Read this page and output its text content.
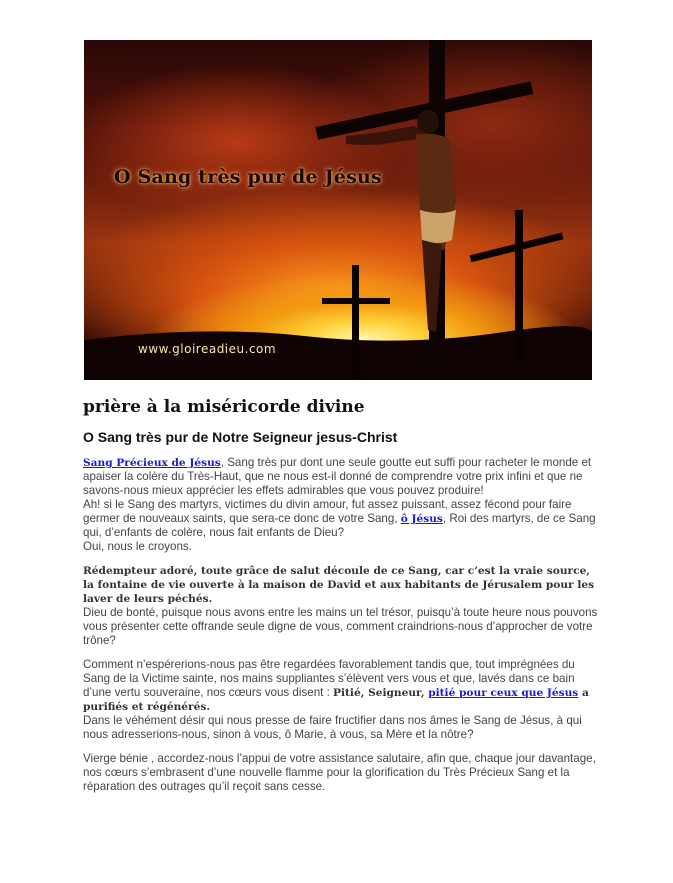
O Sang très pur de Jésus
www.gloireadieu.com
prière à la miséricorde divine
O Sang très pur de Notre Seigneur jesus-Christ

Sang Précieux de Jésus, Sang très pur dont une seule goutte eut suffi pour racheter le monde et apaiser la colère du Très-Haut, que ne nous est-il donné de comprendre votre prix infini et que ne savons-nous mieux apprécier les effets admirables que vous pouvez produire!

Ah! si le Sang des martyrs, victimes du divin amour, fut assez puissant, assez fécond pour faire germer de nouveaux saints, que sera-ce donc de votre Sang, ô Jésus, Roi des martyrs, de ce Sang qui, d’enfants de colère, nous fait enfants de Dieu?

Oui, nous le croyons.

Rédempteur adoré, toute grâce de salut découle de ce Sang, car c’est la vraie source, la fontaine de vie ouverte à la maison de David et aux habitants de Jérusalem pour les laver de leurs péchés.

Dieu de bonté, puisque nous avons entre les mains un tel trésor, puisqu’à toute heure nous pouvons vous présenter cette offrande seule digne de vous, comment craindrions-nous d’approcher de votre trône?

Comment n’espérerions-nous pas être regardées favorablement tandis que, tout imprégnées du Sang de la Victime sainte, nos mains suppliantes s’élèvent vers vous et que, lavés dans ce bain d’une vertu souveraine, nos cœurs vous disent : Pitié, Seigneur, pitié pour ceux que Jésus a purifiés et régénérés.

Dans le véhément désir qui nous presse de faire fructifier dans nos âmes le Sang de Jésus, à qui nous adresserions-nous, sinon à vous, ô Marie, à vous, sa Mère et la nôtre?

Vierge bénie , accordez-nous l’appui de votre assistance salutaire, afin que, chaque jour davantage, nos cœurs s’embrasent d’une nouvelle flamme pour la glorification du Très Précieux Sang et la réparation des outrages qu’il reçoit sans cesse.
